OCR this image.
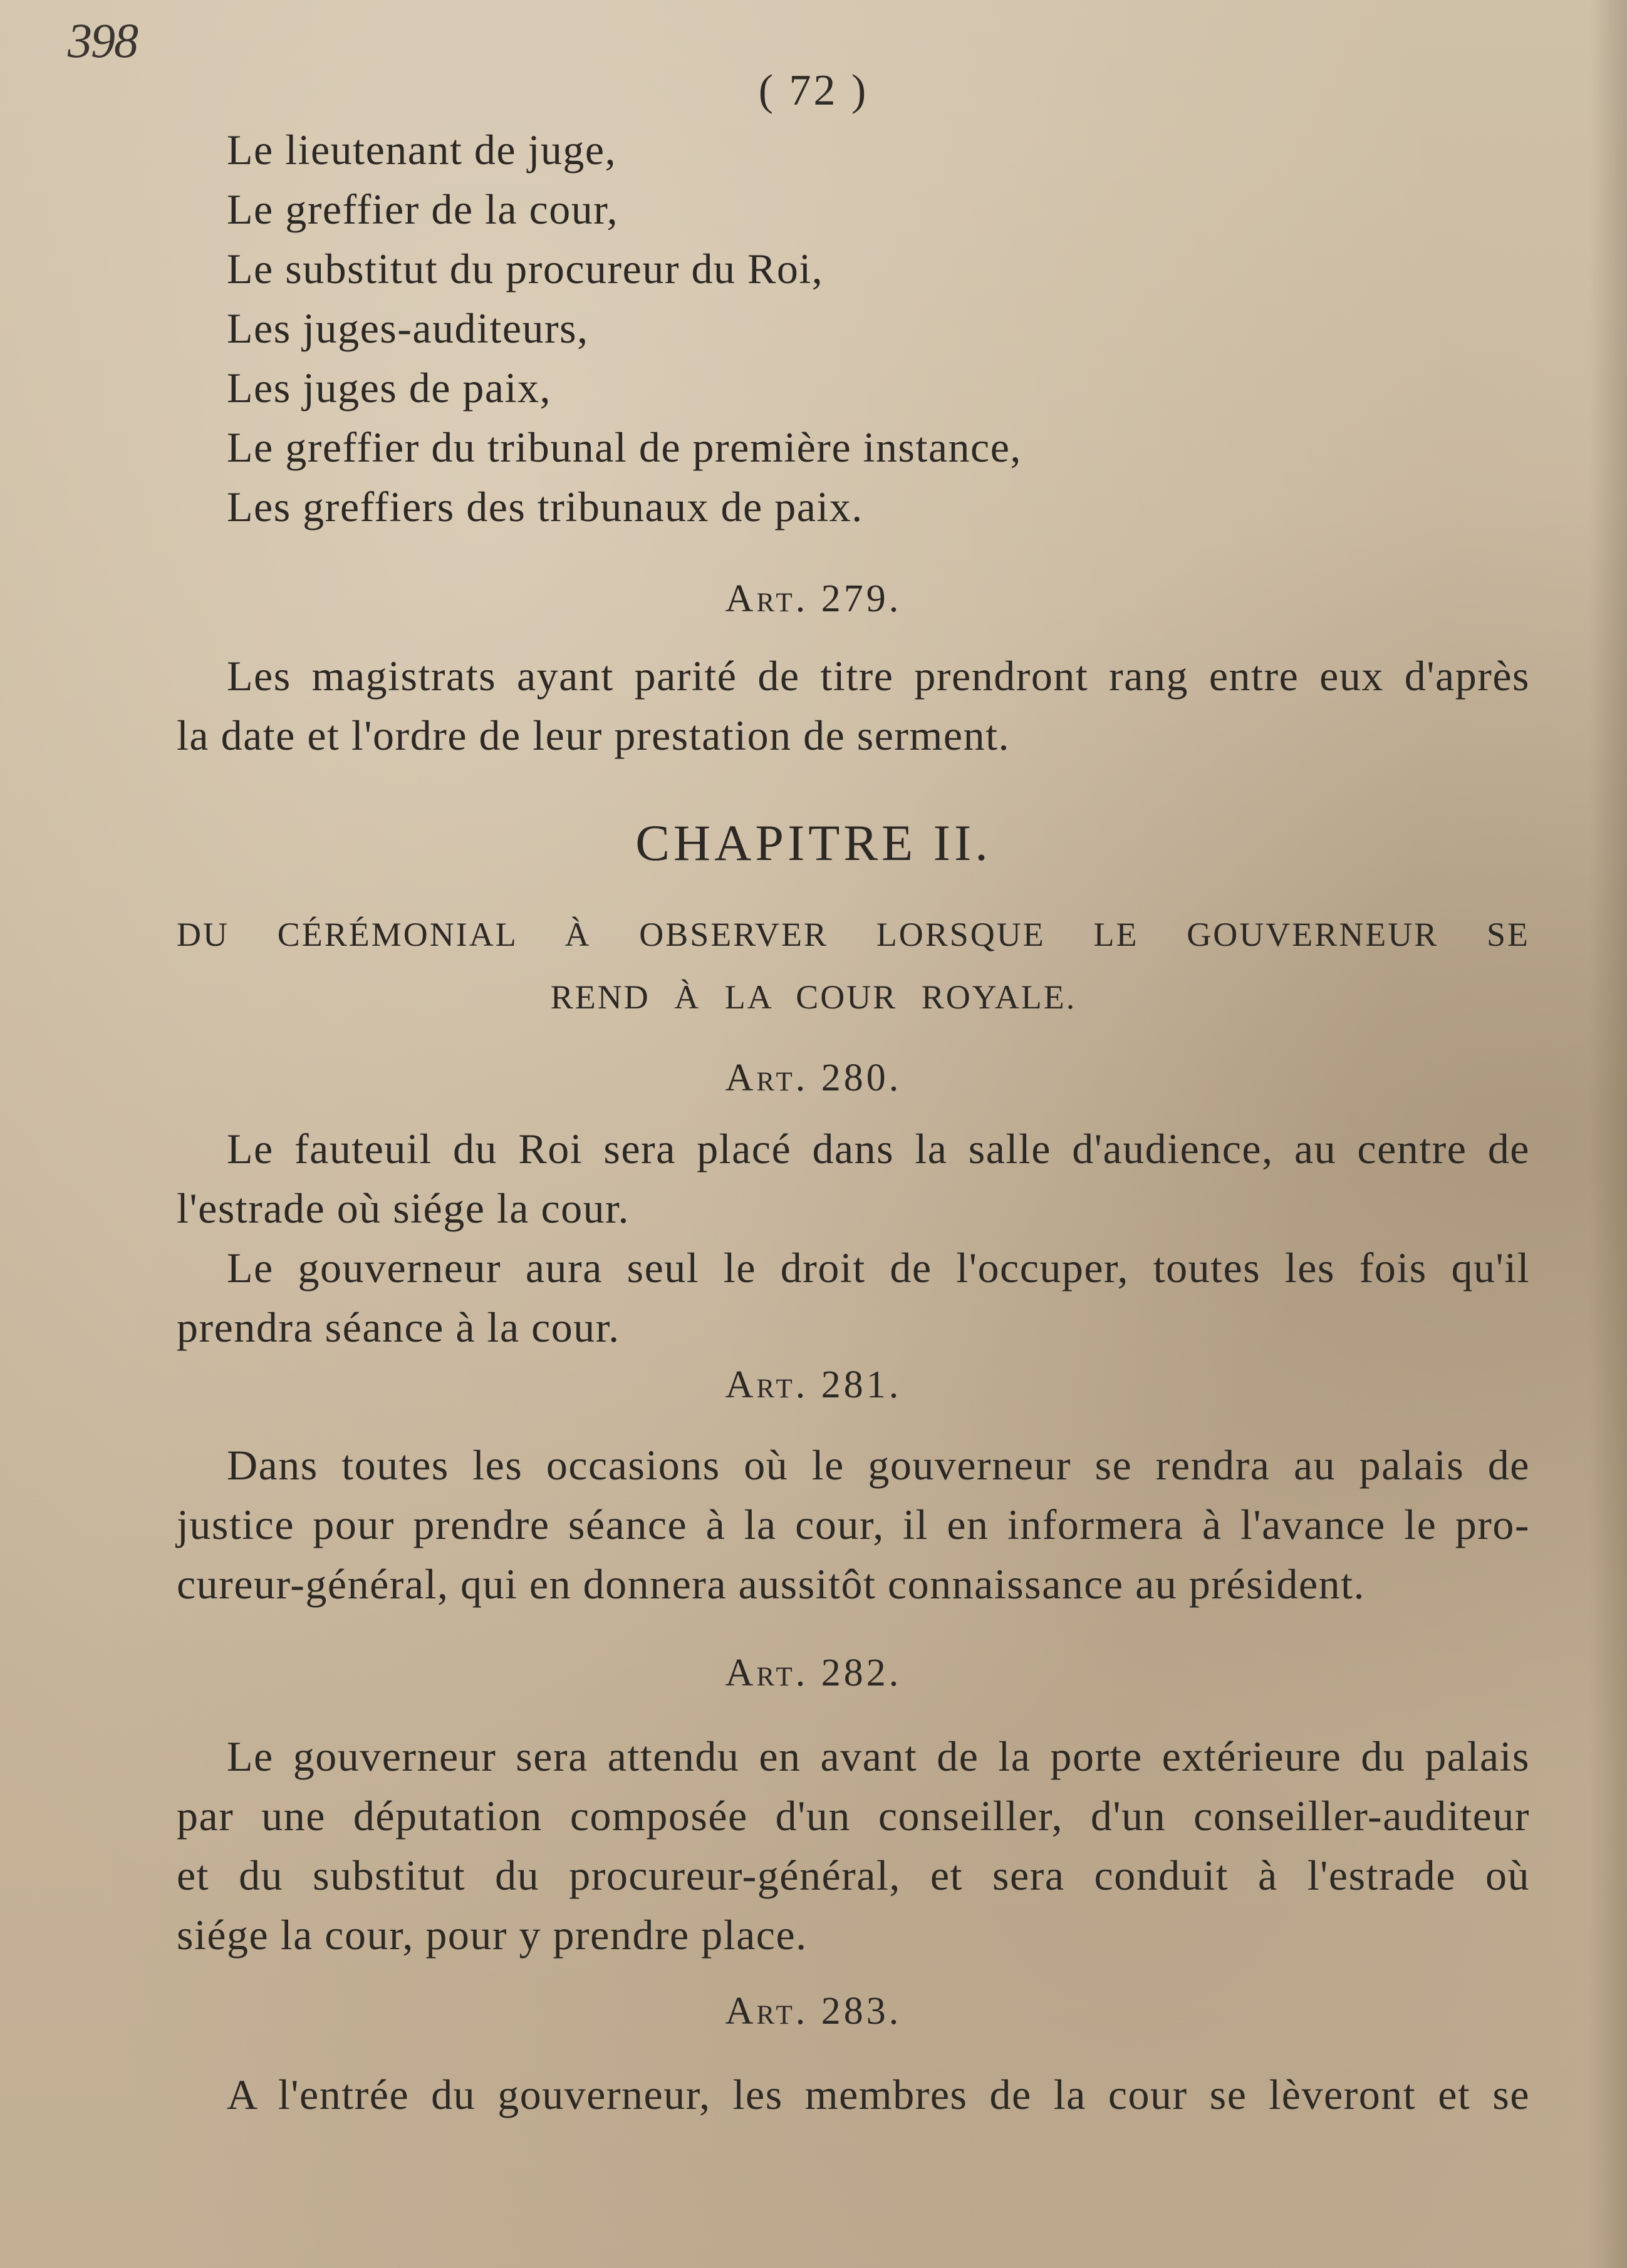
398
( 72 )
Le lieutenant de juge,
Le greffier de la cour,
Le substitut du procureur du Roi,
Les juges-auditeurs,
Les juges de paix,
Le greffier du tribunal de première instance,
Les greffiers des tribunaux de paix.
Art. 279.
Les magistrats ayant parité de titre prendront rang entre eux d'après
la date et l'ordre de leur prestation de serment.
CHAPITRE II.
DU CÉRÉMONIAL À OBSERVER LORSQUE LE GOUVERNEUR SE
REND À LA COUR ROYALE.
Art. 280.
Le fauteuil du Roi sera placé dans la salle d'audience, au centre de
l'estrade où siége la cour.
Le gouverneur aura seul le droit de l'occuper, toutes les fois qu'il
prendra séance à la cour.
Art. 281.
Dans toutes les occasions où le gouverneur se rendra au palais de
justice pour prendre séance à la cour, il en informera à l'avance le pro-
cureur-général, qui en donnera aussitôt connaissance au président.
Art. 282.
Le gouverneur sera attendu en avant de la porte extérieure du palais
par une députation composée d'un conseiller, d'un conseiller-auditeur
et du substitut du procureur-général, et sera conduit à l'estrade où
siége la cour, pour y prendre place.
Art. 283.
A l'entrée du gouverneur, les membres de la cour se lèveront et se
